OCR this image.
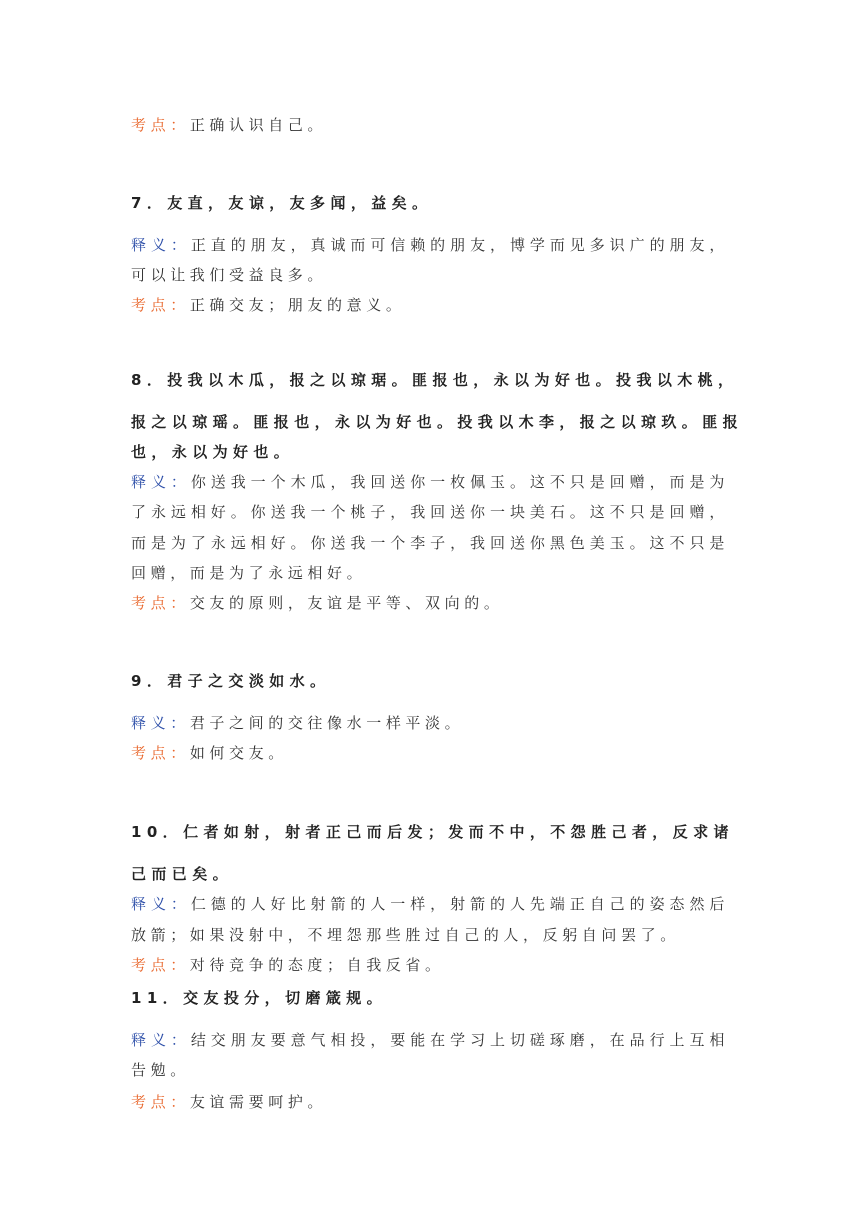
考点：正确认识自己。
7．友直，友谅，友多闻，益矣。
释义：正直的朋友，真诚而可信赖的朋友，博学而见多识广的朋友，
可以让我们受益良多。
考点：正确交友；朋友的意义。
8．投我以木瓜，报之以琼琚。匪报也，永以为好也。投我以木桃，
报之以琼瑶。匪报也，永以为好也。投我以木李，报之以琼玖。匪报
也，永以为好也。
释义：你送我一个木瓜，我回送你一枚佩玉。这不只是回赠，而是为
了永远相好。你送我一个桃子，我回送你一块美石。这不只是回赠，
而是为了永远相好。你送我一个李子，我回送你黑色美玉。这不只是
回赠，而是为了永远相好。
考点：交友的原则，友谊是平等、双向的。
9．君子之交淡如水。
释义：君子之间的交往像水一样平淡。
考点：如何交友。
10．仁者如射，射者正己而后发；发而不中，不怨胜己者，反求诸
己而已矣。
释义：仁德的人好比射箭的人一样，射箭的人先端正自己的姿态然后
放箭；如果没射中，不埋怨那些胜过自己的人，反躬自问罢了。
考点：对待竞争的态度；自我反省。
11．交友投分，切磨箴规。
释义：结交朋友要意气相投，要能在学习上切磋琢磨，在品行上互相
告勉。
考点：友谊需要呵护。
